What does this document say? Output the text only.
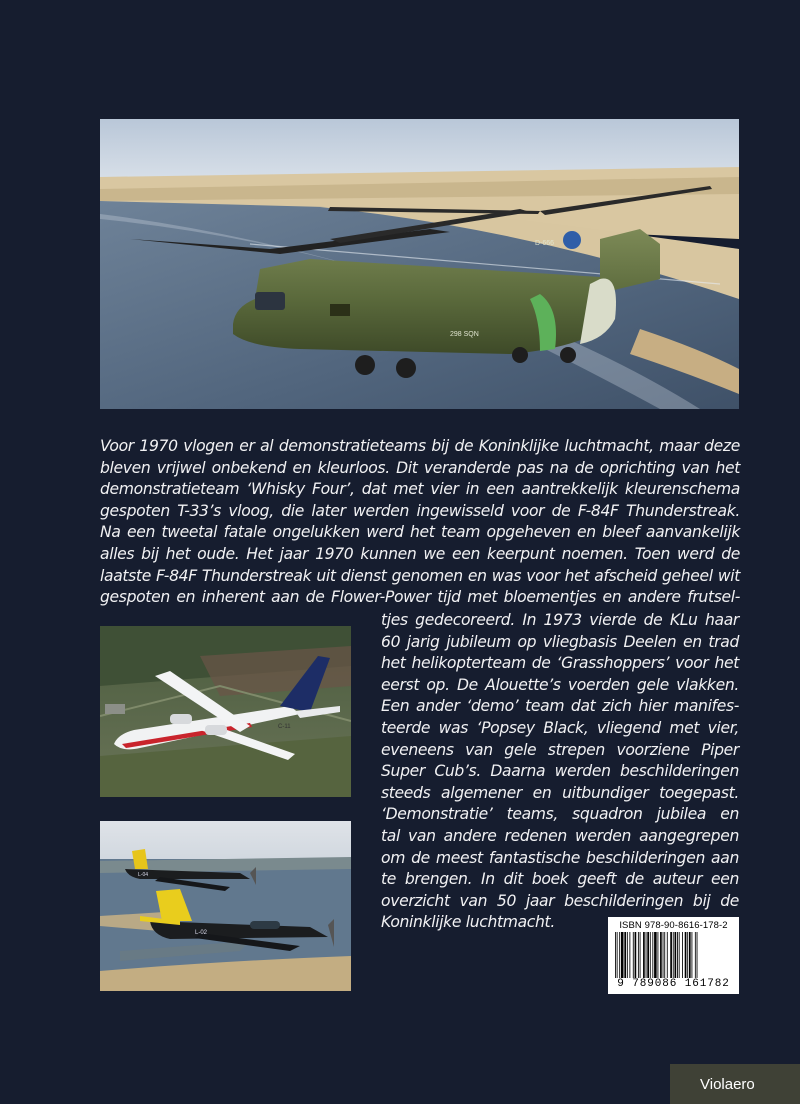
D-666
298 SQN
Voor 1970 vlogen er al demonstratieteams bij de Koninklijke luchtmacht, maar deze
bleven vrijwel onbekend en kleurloos. Dit veranderde pas na de oprichting van het
demonstratieteam ‘Whisky Four’, dat met vier in een aantrekkelijk kleurenschema
gespoten T-33’s vloog, die later werden ingewisseld voor de F-84F Thunderstreak.
Na een tweetal fatale ongelukken werd het team opgeheven en bleef aanvankelijk
alles bij het oude. Het jaar 1970 kunnen we een keerpunt noemen. Toen werd de
laatste F-84F Thunderstreak uit dienst genomen en was voor het afscheid geheel wit
gespoten en inherent aan de Flower-Power tijd met bloementjes en andere frutsel-
tjes gedecoreerd. In 1973 vierde de KLu haar
60 jarig jubileum op vliegbasis Deelen en trad
het helikopterteam de ‘Grasshoppers’ voor het
eerst op. De Alouette’s voerden gele vlakken.
Een ander ‘demo’ team dat zich hier manifes-
teerde was ‘Popsey Black, vliegend met vier,
eveneens van gele strepen voorziene Piper
Super Cub’s. Daarna werden beschilderingen
steeds algemener en uitbundiger toegepast.
‘Demonstratie’ teams, squadron jubilea en
tal van andere redenen werden aangegrepen
om de meest fantastische beschilderingen aan
te brengen. In dit boek geeft de auteur een
overzicht van 50 jaar beschilderingen bij de
Koninklijke luchtmacht.
C-11
L-04
L-02
ISBN 978-90-8616-178-2
9 789086 161782
Violaero
